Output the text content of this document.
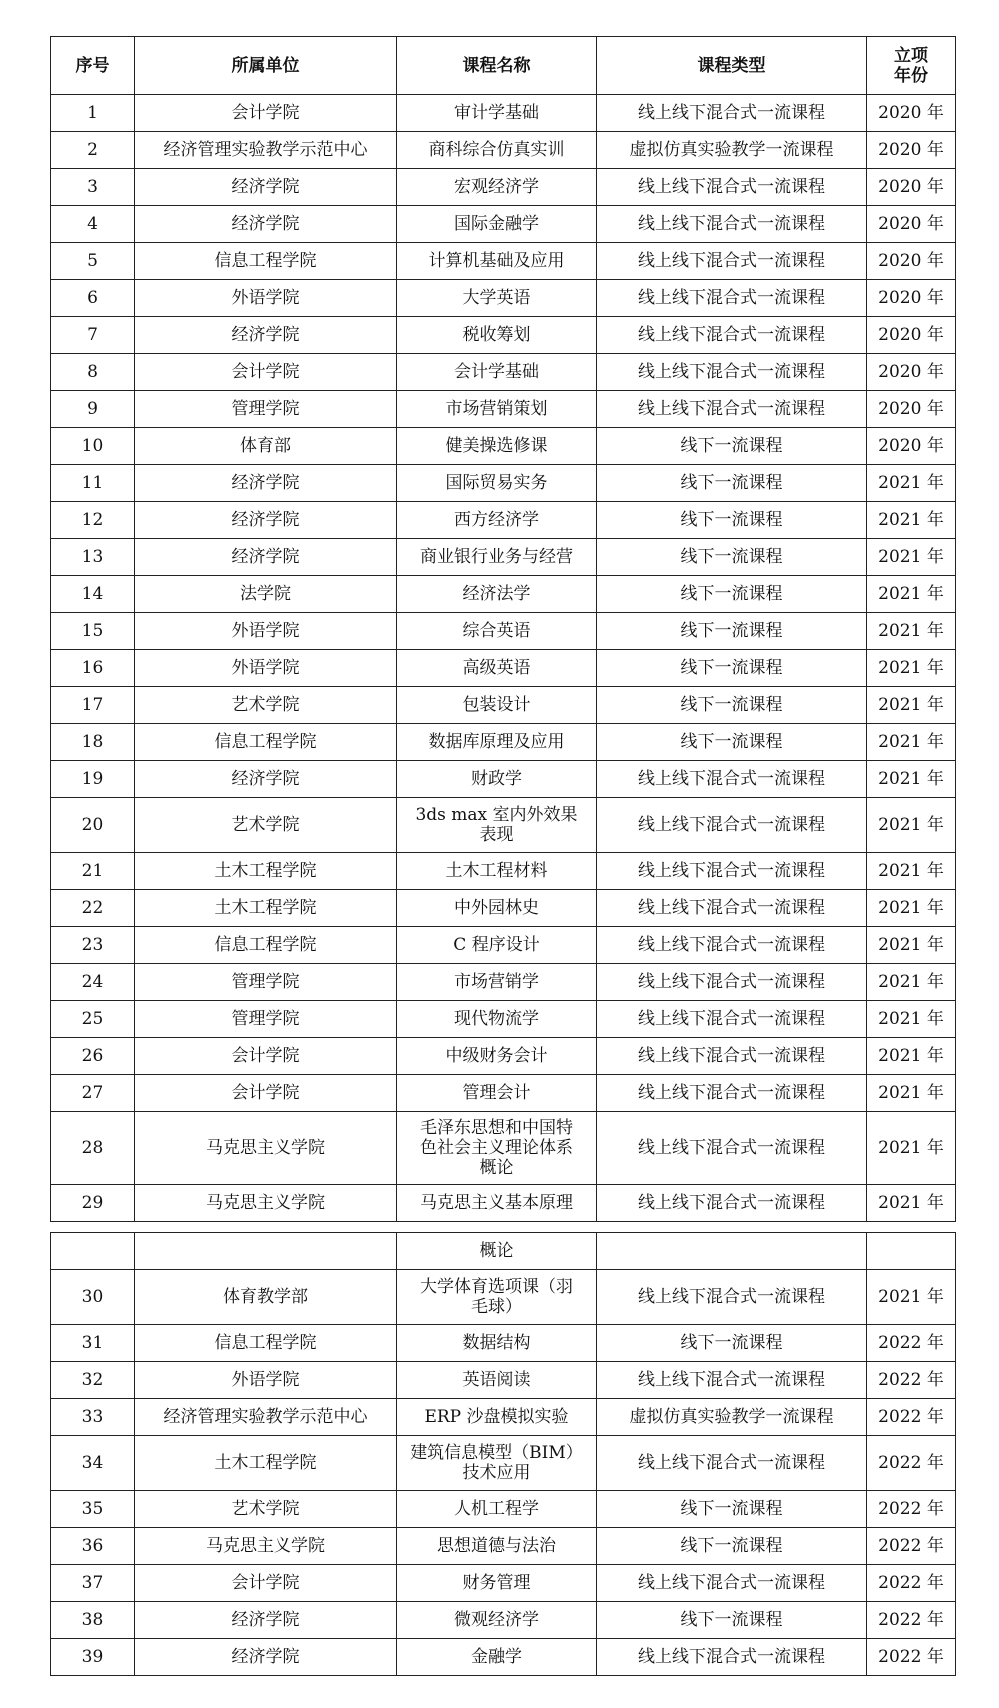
序号	所属单位	课程名称	课程类型	立项
年份
1	会计学院	审计学基础	线上线下混合式一流课程	2020 年
2	经济管理实验教学示范中心	商科综合仿真实训	虚拟仿真实验教学一流课程	2020 年
3	经济学院	宏观经济学	线上线下混合式一流课程	2020 年
4	经济学院	国际金融学	线上线下混合式一流课程	2020 年
5	信息工程学院	计算机基础及应用	线上线下混合式一流课程	2020 年
6	外语学院	大学英语	线上线下混合式一流课程	2020 年
7	经济学院	税收筹划	线上线下混合式一流课程	2020 年
8	会计学院	会计学基础	线上线下混合式一流课程	2020 年
9	管理学院	市场营销策划	线上线下混合式一流课程	2020 年
10	体育部	健美操选修课	线下一流课程	2020 年
11	经济学院	国际贸易实务	线下一流课程	2021 年
12	经济学院	西方经济学	线下一流课程	2021 年
13	经济学院	商业银行业务与经营	线下一流课程	2021 年
14	法学院	经济法学	线下一流课程	2021 年
15	外语学院	综合英语	线下一流课程	2021 年
16	外语学院	高级英语	线下一流课程	2021 年
17	艺术学院	包装设计	线下一流课程	2021 年
18	信息工程学院	数据库原理及应用	线下一流课程	2021 年
19	经济学院	财政学	线上线下混合式一流课程	2021 年
20	艺术学院	3ds max 室内外效果
表现	线上线下混合式一流课程	2021 年
21	土木工程学院	土木工程材料	线上线下混合式一流课程	2021 年
22	土木工程学院	中外园林史	线上线下混合式一流课程	2021 年
23	信息工程学院	C 程序设计	线上线下混合式一流课程	2021 年
24	管理学院	市场营销学	线上线下混合式一流课程	2021 年
25	管理学院	现代物流学	线上线下混合式一流课程	2021 年
26	会计学院	中级财务会计	线上线下混合式一流课程	2021 年
27	会计学院	管理会计	线上线下混合式一流课程	2021 年
28	马克思主义学院	毛泽东思想和中国特
色社会主义理论体系
概论	线上线下混合式一流课程	2021 年
29	马克思主义学院	马克思主义基本原理	线上线下混合式一流课程	2021 年
		概论		
30	体育教学部	大学体育选项课（羽
毛球）	线上线下混合式一流课程	2021 年
31	信息工程学院	数据结构	线下一流课程	2022 年
32	外语学院	英语阅读	线上线下混合式一流课程	2022 年
33	经济管理实验教学示范中心	ERP 沙盘模拟实验	虚拟仿真实验教学一流课程	2022 年
34	土木工程学院	建筑信息模型（BIM）
技术应用	线上线下混合式一流课程	2022 年
35	艺术学院	人机工程学	线下一流课程	2022 年
36	马克思主义学院	思想道德与法治	线下一流课程	2022 年
37	会计学院	财务管理	线上线下混合式一流课程	2022 年
38	经济学院	微观经济学	线下一流课程	2022 年
39	经济学院	金融学	线上线下混合式一流课程	2022 年
